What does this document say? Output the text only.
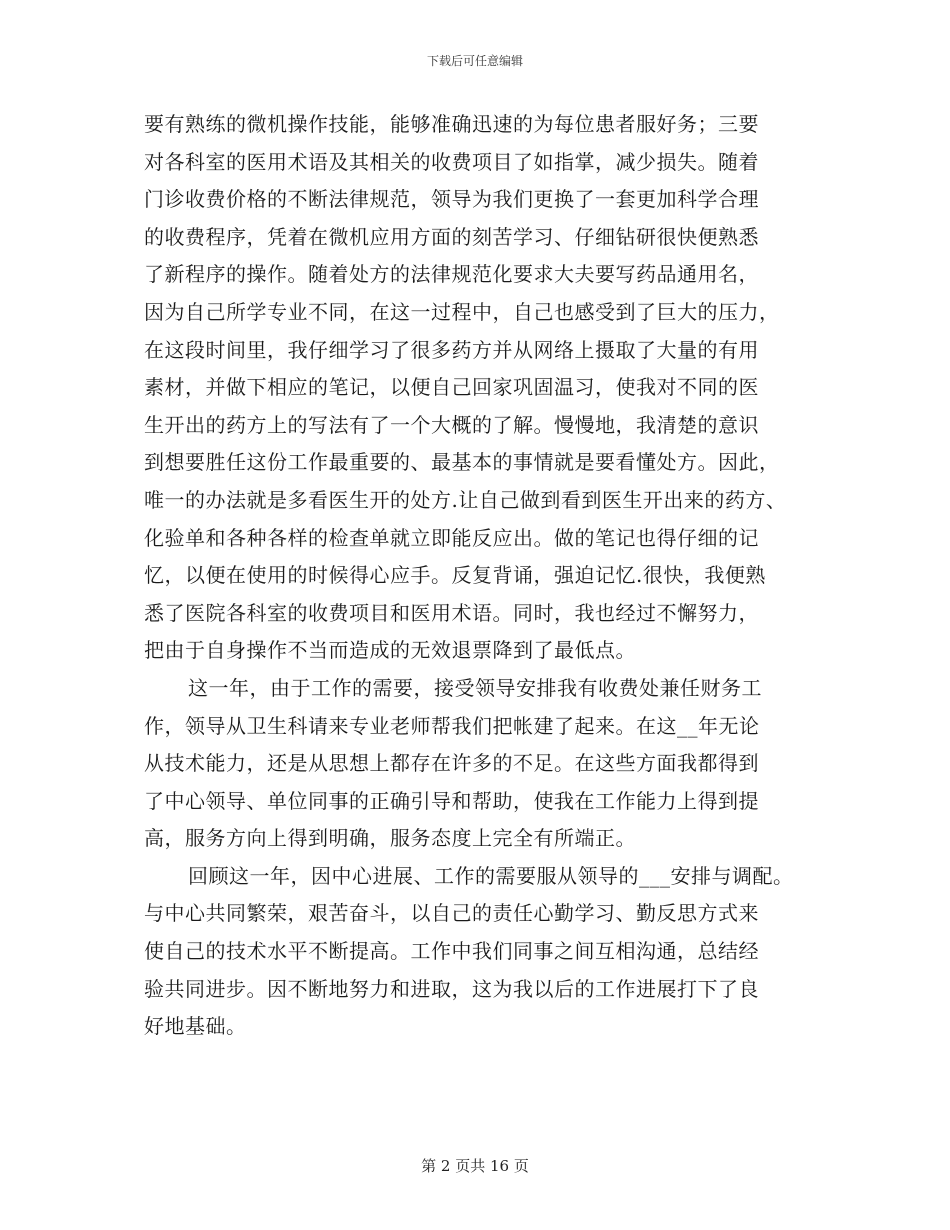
下载后可任意编辑
要有熟练的微机操作技能，能够准确迅速的为每位患者服好务；三要
对各科室的医用术语及其相关的收费项目了如指掌，减少损失。随着
门诊收费价格的不断法律规范，领导为我们更换了一套更加科学合理
的收费程序，凭着在微机应用方面的刻苦学习、仔细钻研很快便熟悉
了新程序的操作。随着处方的法律规范化要求大夫要写药品通用名，
因为自己所学专业不同，在这一过程中，自己也感受到了巨大的压力，
在这段时间里，我仔细学习了很多药方并从网络上摄取了大量的有用
素材，并做下相应的笔记，以便自己回家巩固温习，使我对不同的医
生开出的药方上的写法有了一个大概的了解。慢慢地，我清楚的意识
到想要胜任这份工作最重要的、最基本的事情就是要看懂处方。因此，
唯一的办法就是多看医生开的处方.让自己做到看到医生开出来的药方、
化验单和各种各样的检查单就立即能反应出。做的笔记也得仔细的记
忆，以便在使用的时候得心应手。反复背诵，强迫记忆.很快，我便熟
悉了医院各科室的收费项目和医用术语。同时，我也经过不懈努力，
把由于自身操作不当而造成的无效退票降到了最低点。
这一年，由于工作的需要，接受领导安排我有收费处兼任财务工
作，领导从卫生科请来专业老师帮我们把帐建了起来。在这__年无论
从技术能力，还是从思想上都存在许多的不足。在这些方面我都得到
了中心领导、单位同事的正确引导和帮助，使我在工作能力上得到提
高，服务方向上得到明确，服务态度上完全有所端正。
回顾这一年，因中心进展、工作的需要服从领导的___安排与调配。
与中心共同繁荣，艰苦奋斗，以自己的责任心勤学习、勤反思方式来
使自己的技术水平不断提高。工作中我们同事之间互相沟通，总结经
验共同进步。因不断地努力和进取，这为我以后的工作进展打下了良
好地基础。
第 2 页共 16 页
